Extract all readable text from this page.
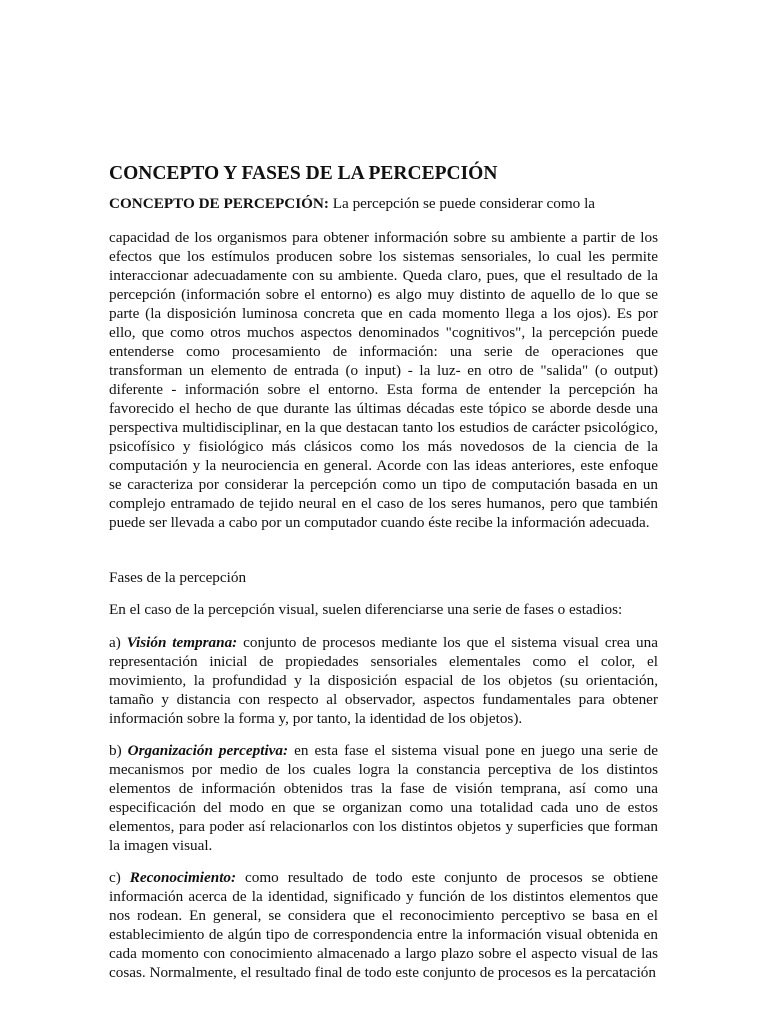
CONCEPTO Y FASES DE LA PERCEPCIÓN

CONCEPTO DE PERCEPCIÓN: La percepción se puede considerar como la

capacidad de los organismos para obtener información sobre su ambiente a partir de los efectos que los estímulos producen sobre los sistemas sensoriales, lo cual les permite interaccionar adecuadamente con su ambiente. Queda claro, pues, que el resultado de la percepción (información sobre el entorno) es algo muy distinto de aquello de lo que se parte (la disposición luminosa concreta que en cada momento llega a los ojos). Es por ello, que como otros muchos aspectos denominados "cognitivos", la percepción puede entenderse como procesamiento de información: una serie de operaciones que transforman un elemento de entrada (o input) - la luz- en otro de "salida" (o output) diferente - información sobre el entorno. Esta forma de entender la percepción ha favorecido el hecho de que durante las últimas décadas este tópico se aborde desde una perspectiva multidisciplinar, en la que destacan tanto los estudios de carácter psicológico, psicofísico y fisiológico más clásicos como los más novedosos de la ciencia de la computación y la neurociencia en general. Acorde con las ideas anteriores, este enfoque se caracteriza por considerar la percepción como un tipo de computación basada en un complejo entramado de tejido neural en el caso de los seres humanos, pero que también puede ser llevada a cabo por un computador cuando éste recibe la información adecuada.

Fases de la percepción

En el caso de la percepción visual, suelen diferenciarse una serie de fases o estadios:

a) Visión temprana: conjunto de procesos mediante los que el sistema visual crea una representación inicial de propiedades sensoriales elementales como el color, el movimiento, la profundidad y la disposición espacial de los objetos (su orientación, tamaño y distancia con respecto al observador, aspectos fundamentales para obtener información sobre la forma y, por tanto, la identidad de los objetos).

b) Organización perceptiva: en esta fase el sistema visual pone en juego una serie de mecanismos por medio de los cuales logra la constancia perceptiva de los distintos elementos de información obtenidos tras la fase de visión temprana, así como una especificación del modo en que se organizan como una totalidad cada uno de estos elementos, para poder así relacionarlos con los distintos objetos y superficies que forman la imagen visual.

c) Reconocimiento: como resultado de todo este conjunto de procesos se obtiene información acerca de la identidad, significado y función de los distintos elementos que nos rodean. En general, se considera que el reconocimiento perceptivo se basa en el establecimiento de algún tipo de correspondencia entre la información visual obtenida en cada momento con conocimiento almacenado a largo plazo sobre el aspecto visual de las cosas. Normalmente, el resultado final de todo este conjunto de procesos es la percatación
